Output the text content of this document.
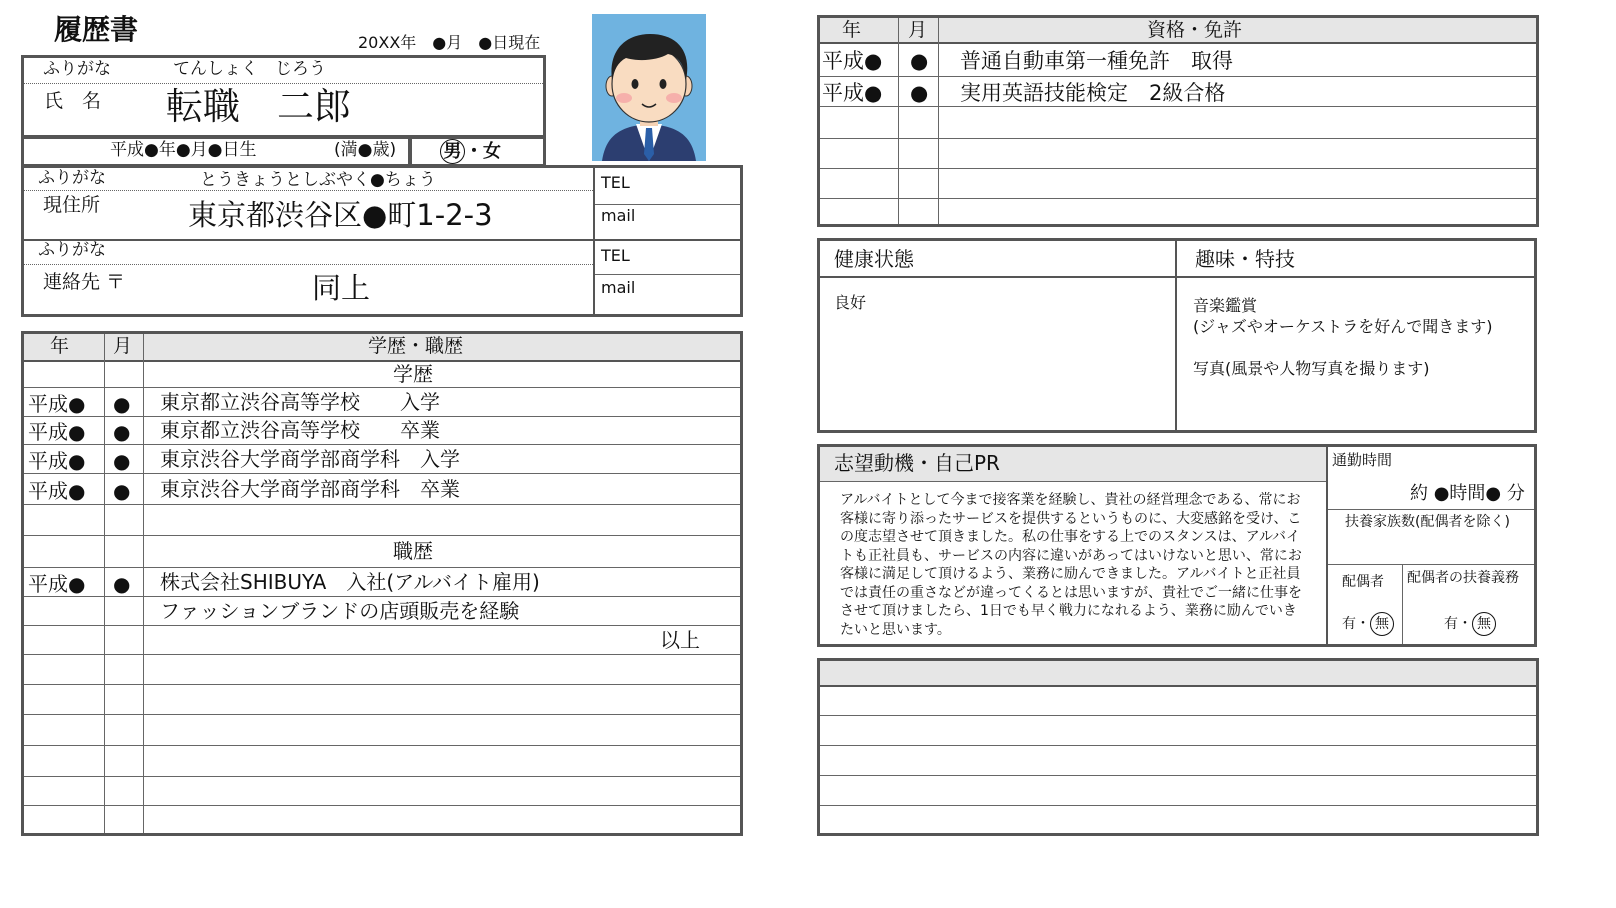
履歴書	20XX年　●月　●日現在
ふりがな	てんしょく　じろう
氏　名 転職　二郎
平成●年●月●日生	(満●歳)	男 ・女
ふりがな	とうきょうとしぶやく●ちょう
現住所	東京都渋谷区●町1-2-3
TEL
mail
ふりがな
連絡先 〒	同上
TEL
mail
年 月	学歴・職歴
学歴
平成● ● 東京都立渋谷高等学校　　入学
平成● ● 東京都立渋谷高等学校　　卒業
平成● ● 東京渋谷大学商学部商学科　入学
平成● ● 東京渋谷大学商学部商学科　卒業
職歴
平成● ● 株式会社SHIBUYA　入社(アルバイト雇用)
ファッションブランドの店頭販売を経験
以上
年 月	資格・免許
平成● ● 普通自動車第一種免許　取得
平成● ● 実用英語技能検定　2級合格
健康状態
良好
趣味・特技
音楽鑑賞
(ジャズやオーケストラを好んで聞きます)
写真(風景や人物写真を撮ります)
志望動機・自己PR
アルバイトとして今まで接客業を経験し、貴社の経営理念である、常にお客様に寄り添ったサービスを提供するというものに、大変感銘を受け、この度志望させて頂きました。私の仕事をする上でのスタンスは、アルバイトも正社員も、サービスの内容に違いがあってはいけないと思い、常にお客様に満足して頂けるよう、業務に励んできました。アルバイトと正社員では責任の重さなどが違ってくるとは思いますが、貴社でご一緒に仕事をさせて頂けましたら、1日でも早く戦力になれるよう、業務に励んでいきたいと思います。
通勤時間
約 ●時間● 分
扶養家族数(配偶者を除く)
配偶者
有・ 無
配偶者の扶養義務
有・ 無
